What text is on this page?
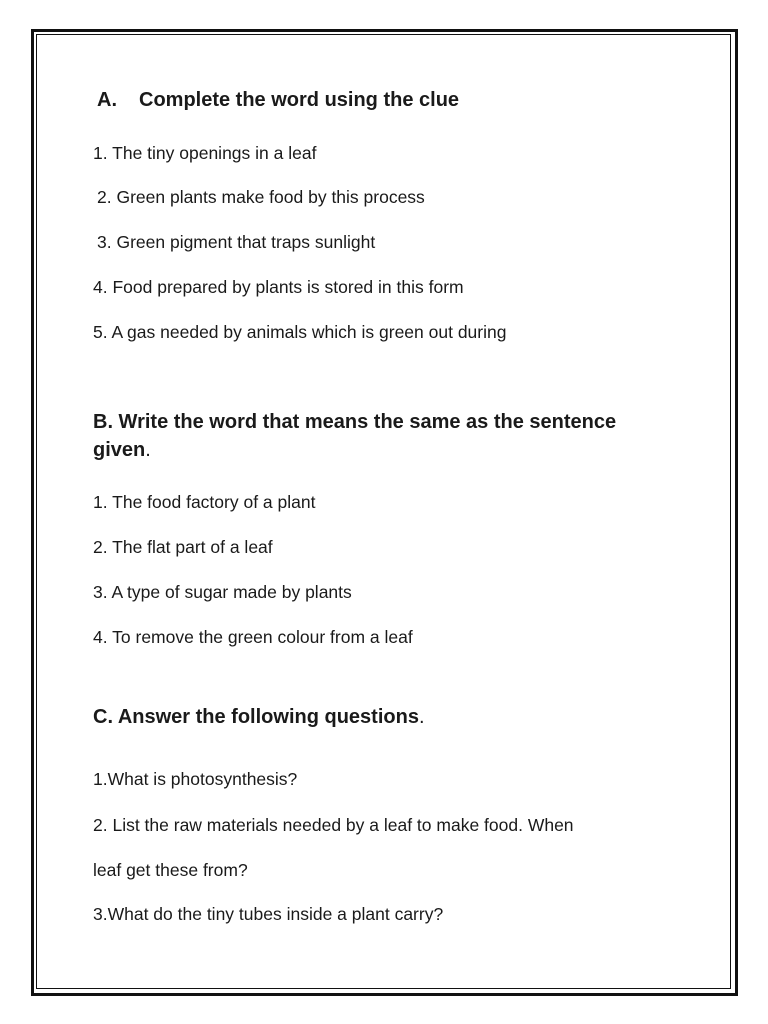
A. Complete the word using the clue

1. The tiny openings in a leaf

2. Green plants make food by this process

3. Green pigment that traps sunlight

4. Food prepared by plants is stored in this form

5. A gas needed by animals which is green out during

B. Write the word that means the same as the sentence given.

1. The food factory of a plant

2. The flat part of a leaf

3. A type of sugar made by plants

4. To remove the green colour from a leaf

C. Answer the following questions.

1.What is photosynthesis?

2. List the raw materials needed by a leaf to make food. When

leaf get these from?

3.What do the tiny tubes inside a plant carry?
